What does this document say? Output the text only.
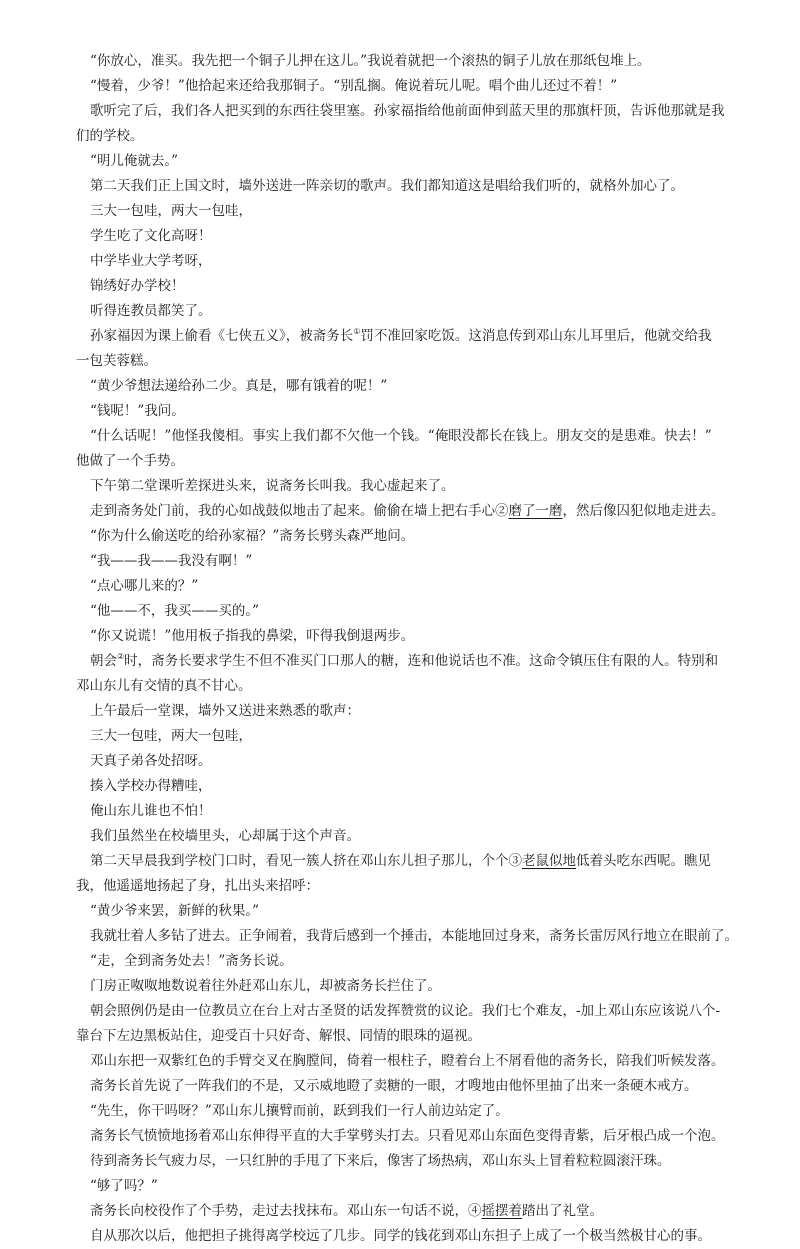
“你放心，准买。我先把一个铜子儿押在这儿。”我说着就把一个滚热的铜子儿放在那纸包堆上。
“慢着，少爷！”他拾起来还给我那铜子。“别乱搁。俺说着玩儿呢。唱个曲儿还过不着！”
歌听完了后，我们各人把买到的东西往袋里塞。孙家福指给他前面伸到蓝天里的那旗杆顶，告诉他那就是我
们的学校。
“明儿俺就去。”
第二天我们正上国文时，墙外送进一阵亲切的歌声。我们都知道这是唱给我们听的，就格外加心了。
三大一包哇，两大一包哇，
学生吃了文化高呀！
中学毕业大学考呀，
锦绣好办学校！
听得连教员都笑了。
孙家福因为课上偷看《七侠五义》，被斋务长①罚不准回家吃饭。这消息传到邓山东儿耳里后，他就交给我
一包芙蓉糕。
“黄少爷想法递给孙二少。真是，哪有饿着的呢！”
“钱呢！”我问。
“什么话呢！”他怪我傻相。事实上我们都不欠他一个钱。“俺眼没都长在钱上。朋友交的是患难。快去！”
他做了一个手势。
下午第二堂课听差探进头来，说斋务长叫我。我心虚起来了。
走到斋务处门前，我的心如战鼓似地击了起来。偷偷在墙上把右手心②磨了一磨，然后像囚犯似地走进去。
“你为什么偷送吃的给孙家福？”斋务长劈头森严地问。
“我——我——我没有啊！”
“点心哪儿来的？”
“他——不，我买——买的。”
“你又说谎！”他用板子指我的鼻梁，吓得我倒退两步。
朝会②时，斋务长要求学生不但不准买门口那人的糖，连和他说话也不准。这命令镇压住有限的人。特别和
邓山东儿有交情的真不甘心。
上午最后一堂课，墙外又送进来熟悉的歌声：
三大一包哇，两大一包哇，
天真子弟各处招呀。
揍入学校办得糟哇，
俺山东儿谁也不怕！
我们虽然坐在校墙里头，心却属于这个声音。
第二天早晨我到学校门口时，看见一簇人挤在邓山东儿担子那儿，个个③老鼠似地低着头吃东西呢。瞧见
我，他遥遥地扬起了身，扎出头来招呼：
“黄少爷来罢，新鲜的秋果。”
我就壮着人多钻了进去。正争闹着，我背后感到一个捶击，本能地回过身来，斋务长雷厉风行地立在眼前了。
“走，全到斋务处去！”斋务长说。
门房正呶呶地数说着往外赶邓山东儿，却被斋务长拦住了。
朝会照例仍是由一位教员立在台上对古圣贤的话发挥赞赏的议论。我们七个难友，-加上邓山东应该说八个-
靠台下左边黑板站住，迎受百十只好奇、解恨、同情的眼珠的逼视。
邓山东把一双紫红色的手臂交叉在胸膛间，倚着一根柱子，瞪着台上不屑看他的斋务长，陪我们听候发落。
斋务长首先说了一阵我们的不是，又示威地瞪了卖糖的一眼，才嗖地由他怀里抽了出来一条硬木戒方。
“先生，你干吗呀？”邓山东儿攘臂而前，跃到我们一行人前边站定了。
斋务长气愤愤地扬着邓山东伸得平直的大手掌劈头打去。只看见邓山东面色变得青紫，后牙根凸成一个泡。
待到斋务长气疲力尽，一只红肿的手甩了下来后，像害了场热病，邓山东头上冒着粒粒圆滚汗珠。
“够了吗？”
斋务长向校役作了个手势，走过去找抹布。邓山东一句话不说，④摇摆着踏出了礼堂。
自从那次以后，他把担子挑得离学校远了几步。同学的钱花到邓山东担子上成了一个极当然极甘心的事。
